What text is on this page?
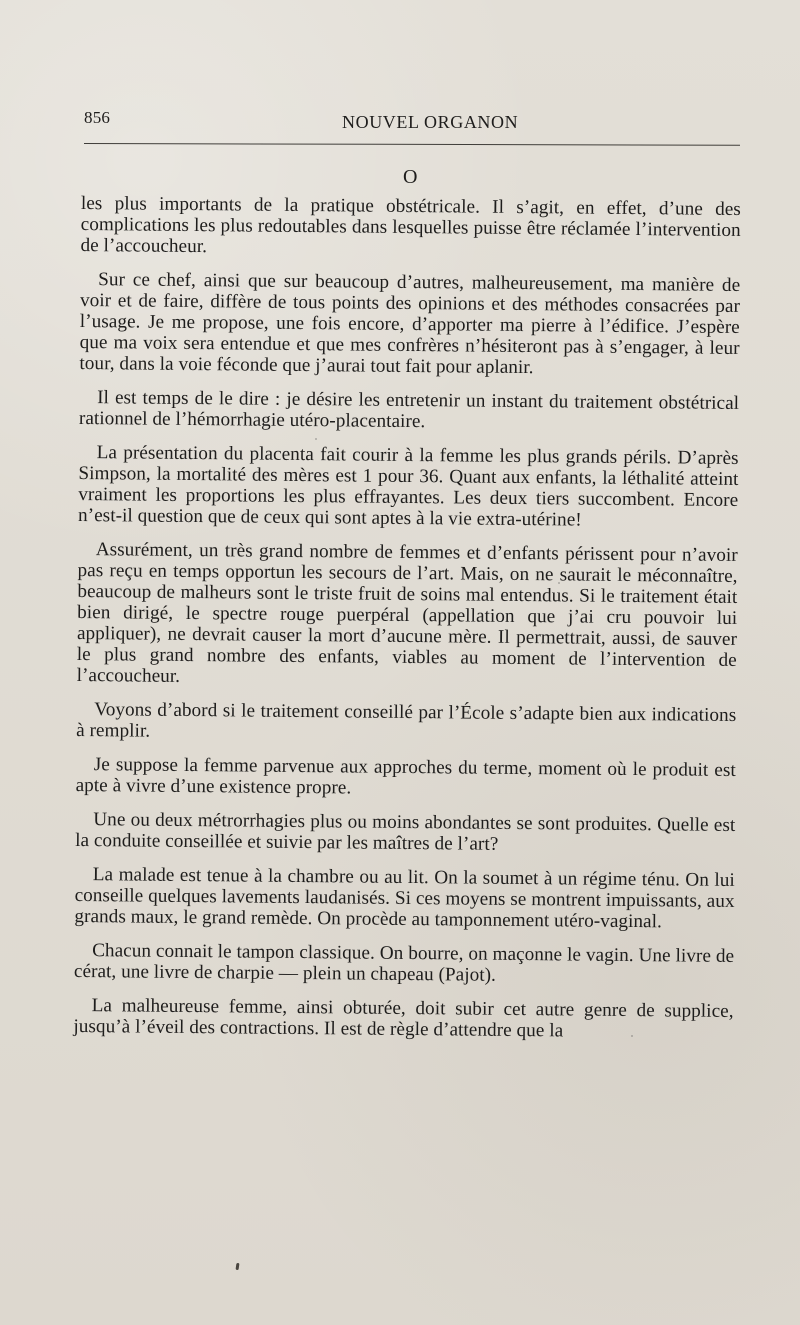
856	NOUVEL ORGANON
O

les plus importants de la pratique obstétricale. Il s’agit, en effet, d’une des complications les plus redoutables dans lesquelles puisse être réclamée l’intervention de l’accoucheur.

Sur ce chef, ainsi que sur beaucoup d’autres, malheureusement, ma manière de voir et de faire, diffère de tous points des opinions et des méthodes consacrées par l’usage. Je me propose, une fois encore, d’apporter ma pierre à l’édifice. J’espère que ma voix sera entendue et que mes confrères n’hésiteront pas à s’engager, à leur tour, dans la voie féconde que j’aurai tout fait pour aplanir.

Il est temps de le dire : je désire les entretenir un instant du traitement obstétrical rationnel de l’hémorrhagie utéro-placentaire.

La présentation du placenta fait courir à la femme les plus grands périls. D’après Simpson, la mortalité des mères est 1 pour 36. Quant aux enfants, la léthalité atteint vraiment les proportions les plus effrayantes. Les deux tiers succombent. Encore n’est-il question que de ceux qui sont aptes à la vie extra-utérine!

Assurément, un très grand nombre de femmes et d’enfants périssent pour n’avoir pas reçu en temps opportun les secours de l’art. Mais, on ne saurait le méconnaître, beaucoup de malheurs sont le triste fruit de soins mal entendus. Si le traitement était bien dirigé, le spectre rouge puerpéral (appellation que j’ai cru pouvoir lui appliquer), ne devrait causer la mort d’aucune mère. Il permettrait, aussi, de sauver le plus grand nombre des enfants, viables au moment de l’intervention de l’accoucheur.

Voyons d’abord si le traitement conseillé par l’École s’adapte bien aux indications à remplir.

Je suppose la femme parvenue aux approches du terme, moment où le produit est apte à vivre d’une existence propre.

Une ou deux métrorrhagies plus ou moins abondantes se sont produites. Quelle est la conduite conseillée et suivie par les maîtres de l’art?

La malade est tenue à la chambre ou au lit. On la soumet à un régime ténu. On lui conseille quelques lavements laudanisés. Si ces moyens se montrent impuissants, aux grands maux, le grand remède. On procède au tamponnement utéro-vaginal.

Chacun connait le tampon classique. On bourre, on maçonne le vagin. Une livre de cérat, une livre de charpie — plein un chapeau (Pajot).

La malheureuse femme, ainsi obturée, doit subir cet autre genre de supplice, jusqu’à l’éveil des contractions. Il est de règle d’attendre que la
